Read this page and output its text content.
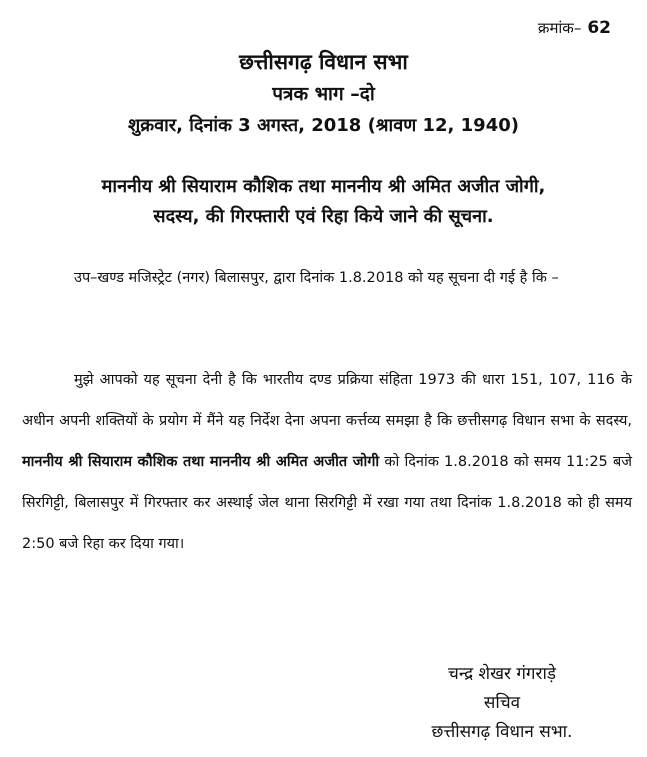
क्रमांक– 62
छत्तीसगढ़ विधान सभा
पत्रक भाग –दो
शुक्रवार, दिनांक 3 अगस्त, 2018 (श्रावण 12, 1940)
माननीय श्री सियाराम कौशिक तथा माननीय श्री अमित अजीत जोगी,
सदस्य, की गिरफ्तारी एवं रिहा किये जाने की सूचना.
उप–खण्ड मजिस्ट्रेट (नगर) बिलासपुर, द्वारा दिनांक 1.8.2018 को यह सूचना दी गई है कि –
मुझे आपको यह सूचना देनी है कि भारतीय दण्ड प्रक्रिया संहिता 1973 की धारा 151, 107, 116 के अधीन अपनी शक्तियों के प्रयोग में मैंने यह निर्देश देना अपना कर्त्तव्य समझा है कि छत्तीसगढ़ विधान सभा के सदस्य, माननीय श्री सियाराम कौशिक तथा माननीय श्री अमित अजीत जोगी को दिनांक 1.8.2018 को समय 11:25 बजे सिरगिट्टी, बिलासपुर में गिरफ्तार कर अस्थाई जेल थाना सिरगिट्टी में रखा गया तथा दिनांक 1.8.2018 को ही समय 2:50 बजे रिहा कर दिया गया।
चन्द्र शेखर गंगराड़े
सचिव
छत्तीसगढ़ विधान सभा.
